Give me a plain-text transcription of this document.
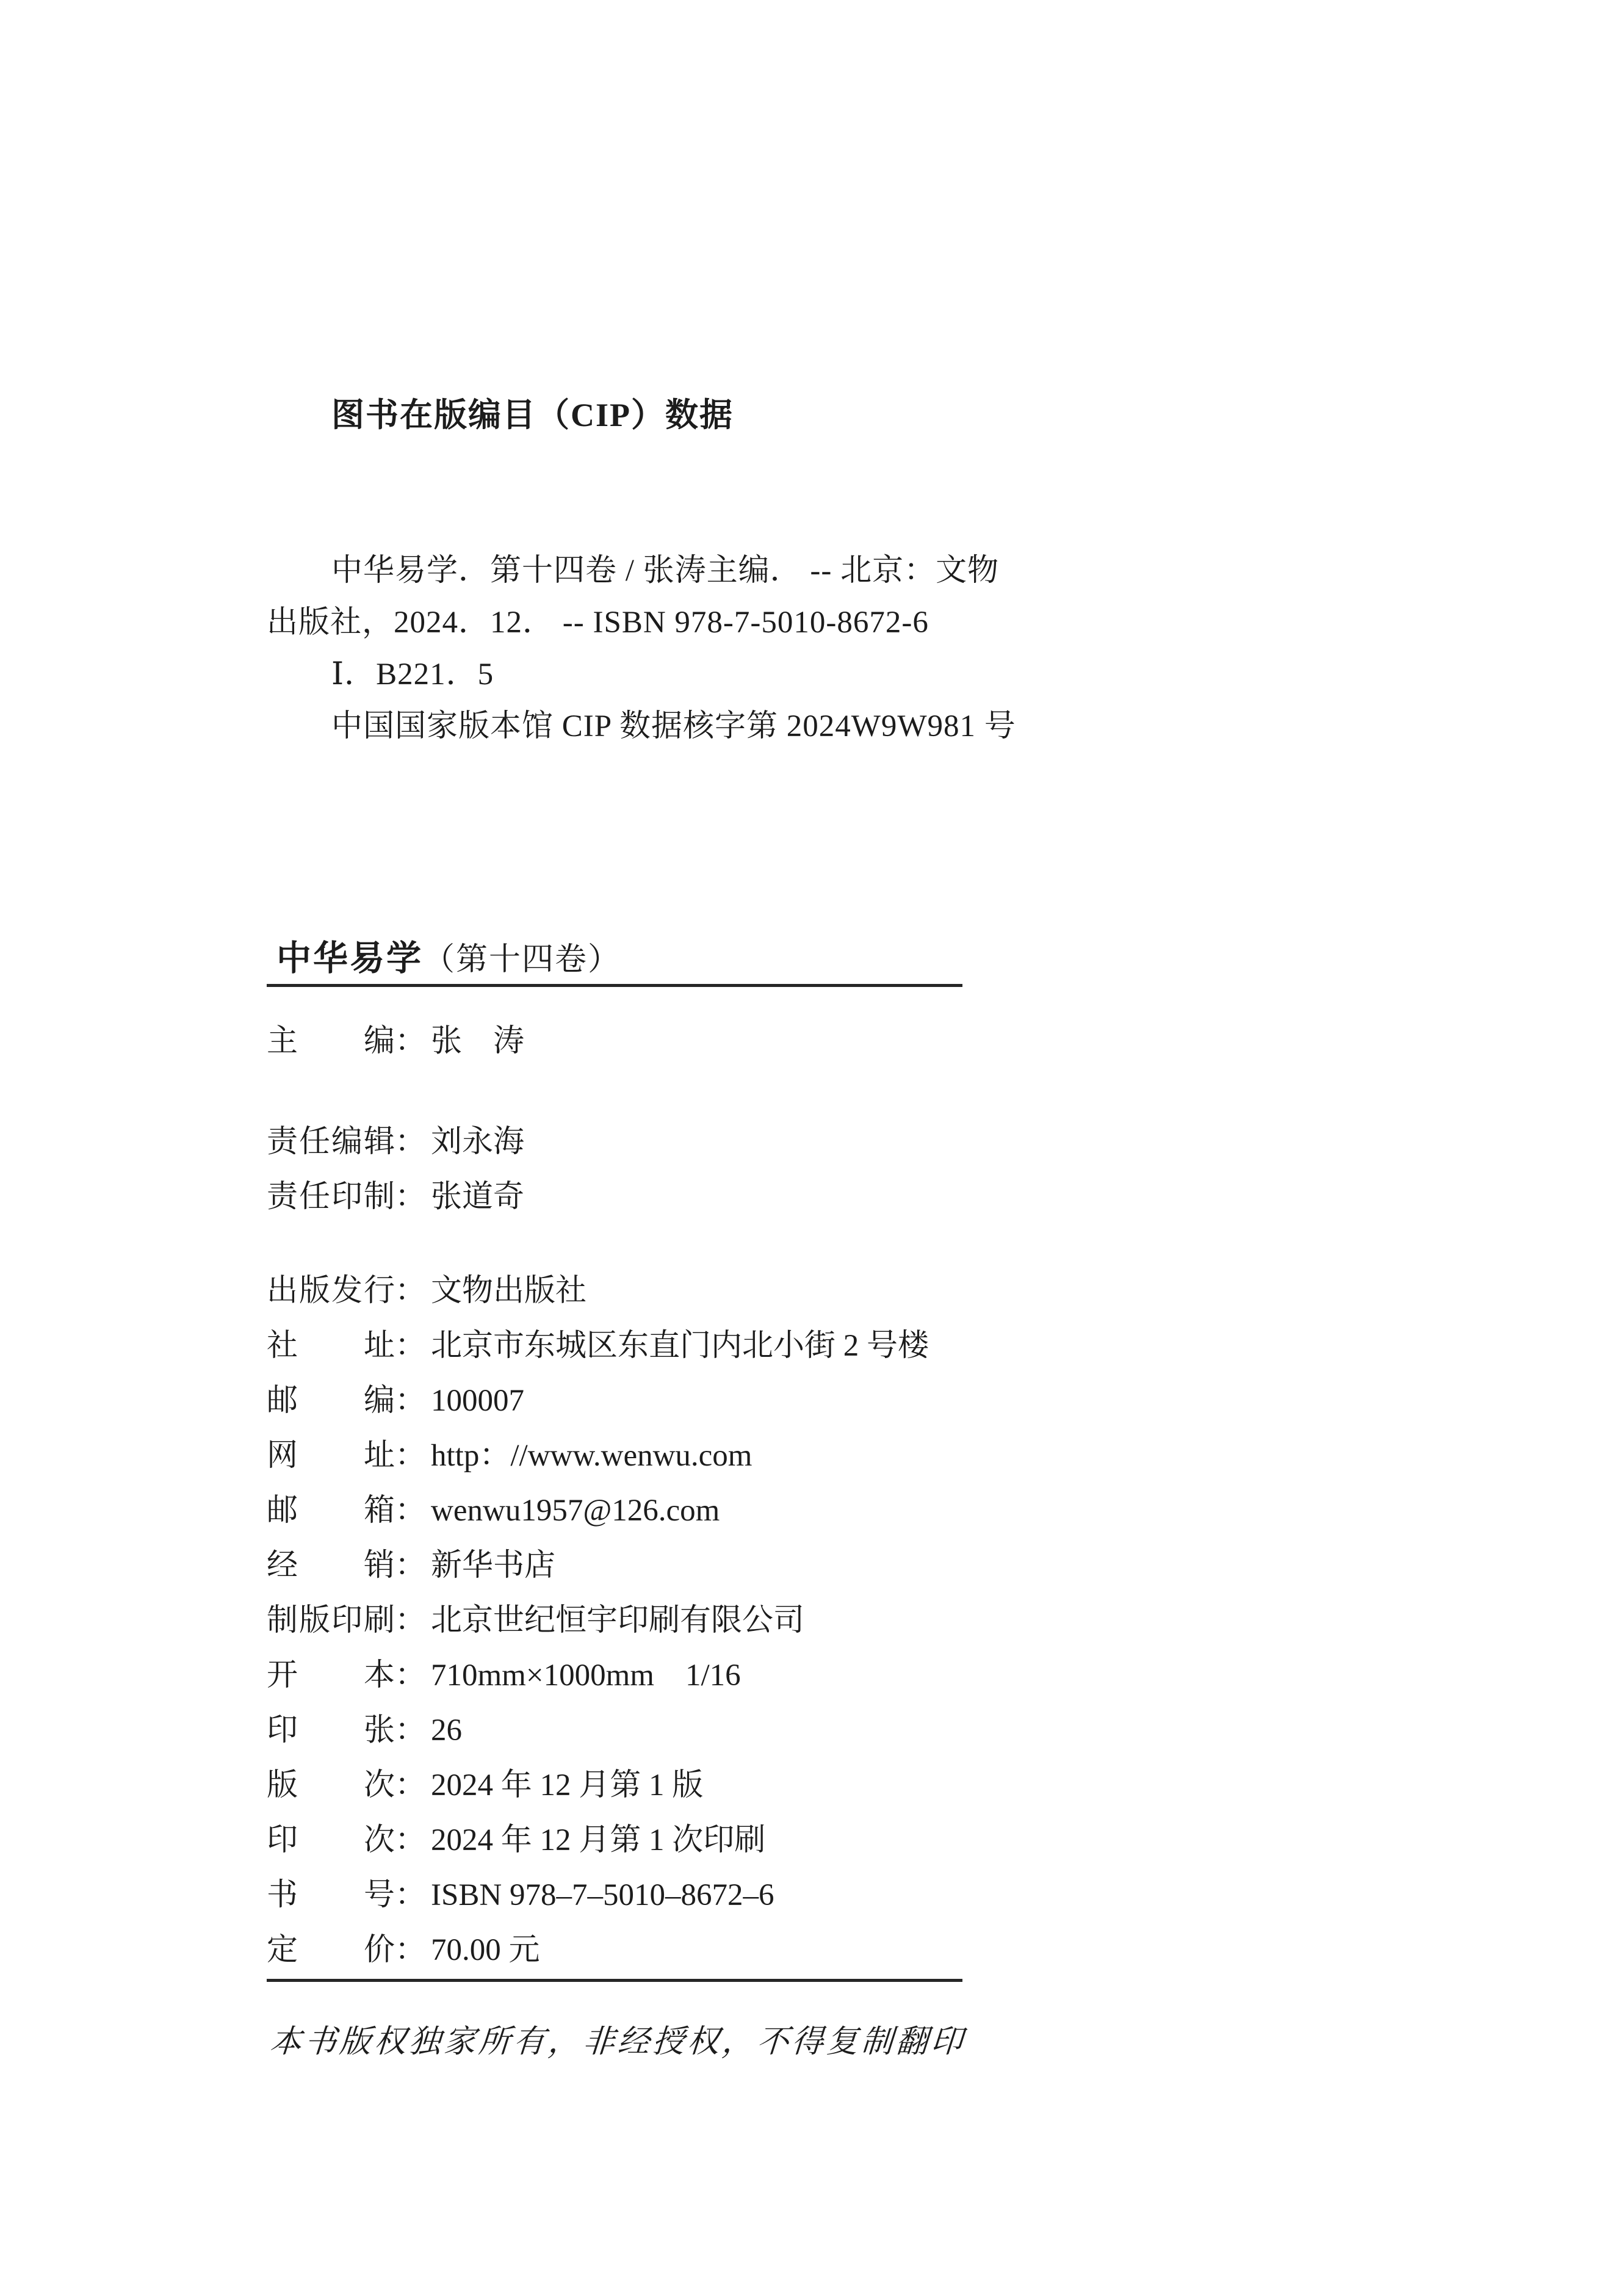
图书在版编目（CIP）数据

中华易学．第十四卷 / 张涛主编． -- 北京：文物
出版社，2024．12． -- ISBN 978-7-5010-8672-6
Ⅰ．B221．5
中国国家版本馆 CIP 数据核字第 2024W9W981 号

中华易学（第十四卷）

主 编 ： 张　涛
责 任 编 辑 ： 刘永海
责 任 印 制 ： 张道奇
出 版 发 行 ： 文物出版社
社 址 ： 北京市东城区东直门内北小街 2 号楼
邮 编 ： 100007
网 址 ： http：//www.wenwu.com
邮 箱 ： wenwu1957@126.com
经 销 ： 新华书店
制 版 印 刷 ： 北京世纪恒宇印刷有限公司
开 本 ： 710mm×1000mm　1/16
印 张 ： 26
版 次 ： 2024 年 12 月第 1 版
印 次 ： 2024 年 12 月第 1 次印刷
书 号 ： ISBN 978–7–5010–8672–6
定 价 ： 70.00 元
本书版权独家所有，非经授权，不得复制翻印
